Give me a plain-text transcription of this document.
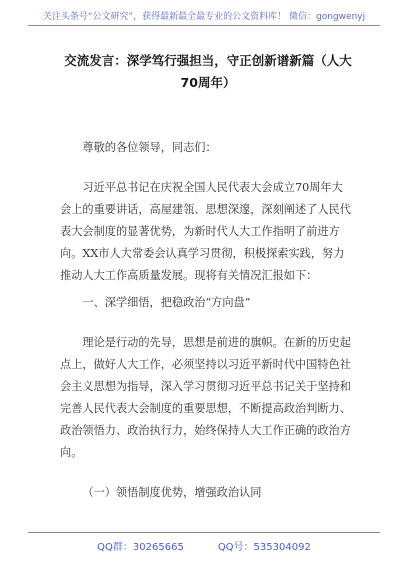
关注头条号“公文研究”，获得最新最全最专业的公文资料库！ 微信：gongwenyj
交流发言：深学笃行强担当，守正创新谱新篇（人大70周年）
尊敬的各位领导，同志们：
习近平总书记在庆祝全国人民代表大会成立70周年大会上的重要讲话，高屋建瓴、思想深邃，深刻阐述了人民代表大会制度的显著优势，为新时代人大工作指明了前进方向。XX市人大常委会认真学习贯彻，积极探索实践，努力推动人大工作高质量发展。现将有关情况汇报如下：
一、深学细悟，把稳政治“方向盘”
理论是行动的先导，思想是前进的旗帜。在新的历史起点上，做好人大工作，必须坚持以习近平新时代中国特色社会主义思想为指导，深入学习贯彻习近平总书记关于坚持和完善人民代表大会制度的重要思想，不断提高政治判断力、政治领悟力、政治执行力，始终保持人大工作正确的政治方向。
（一）领悟制度优势，增强政治认同
QQ群：30265665	QQ号：535304092
